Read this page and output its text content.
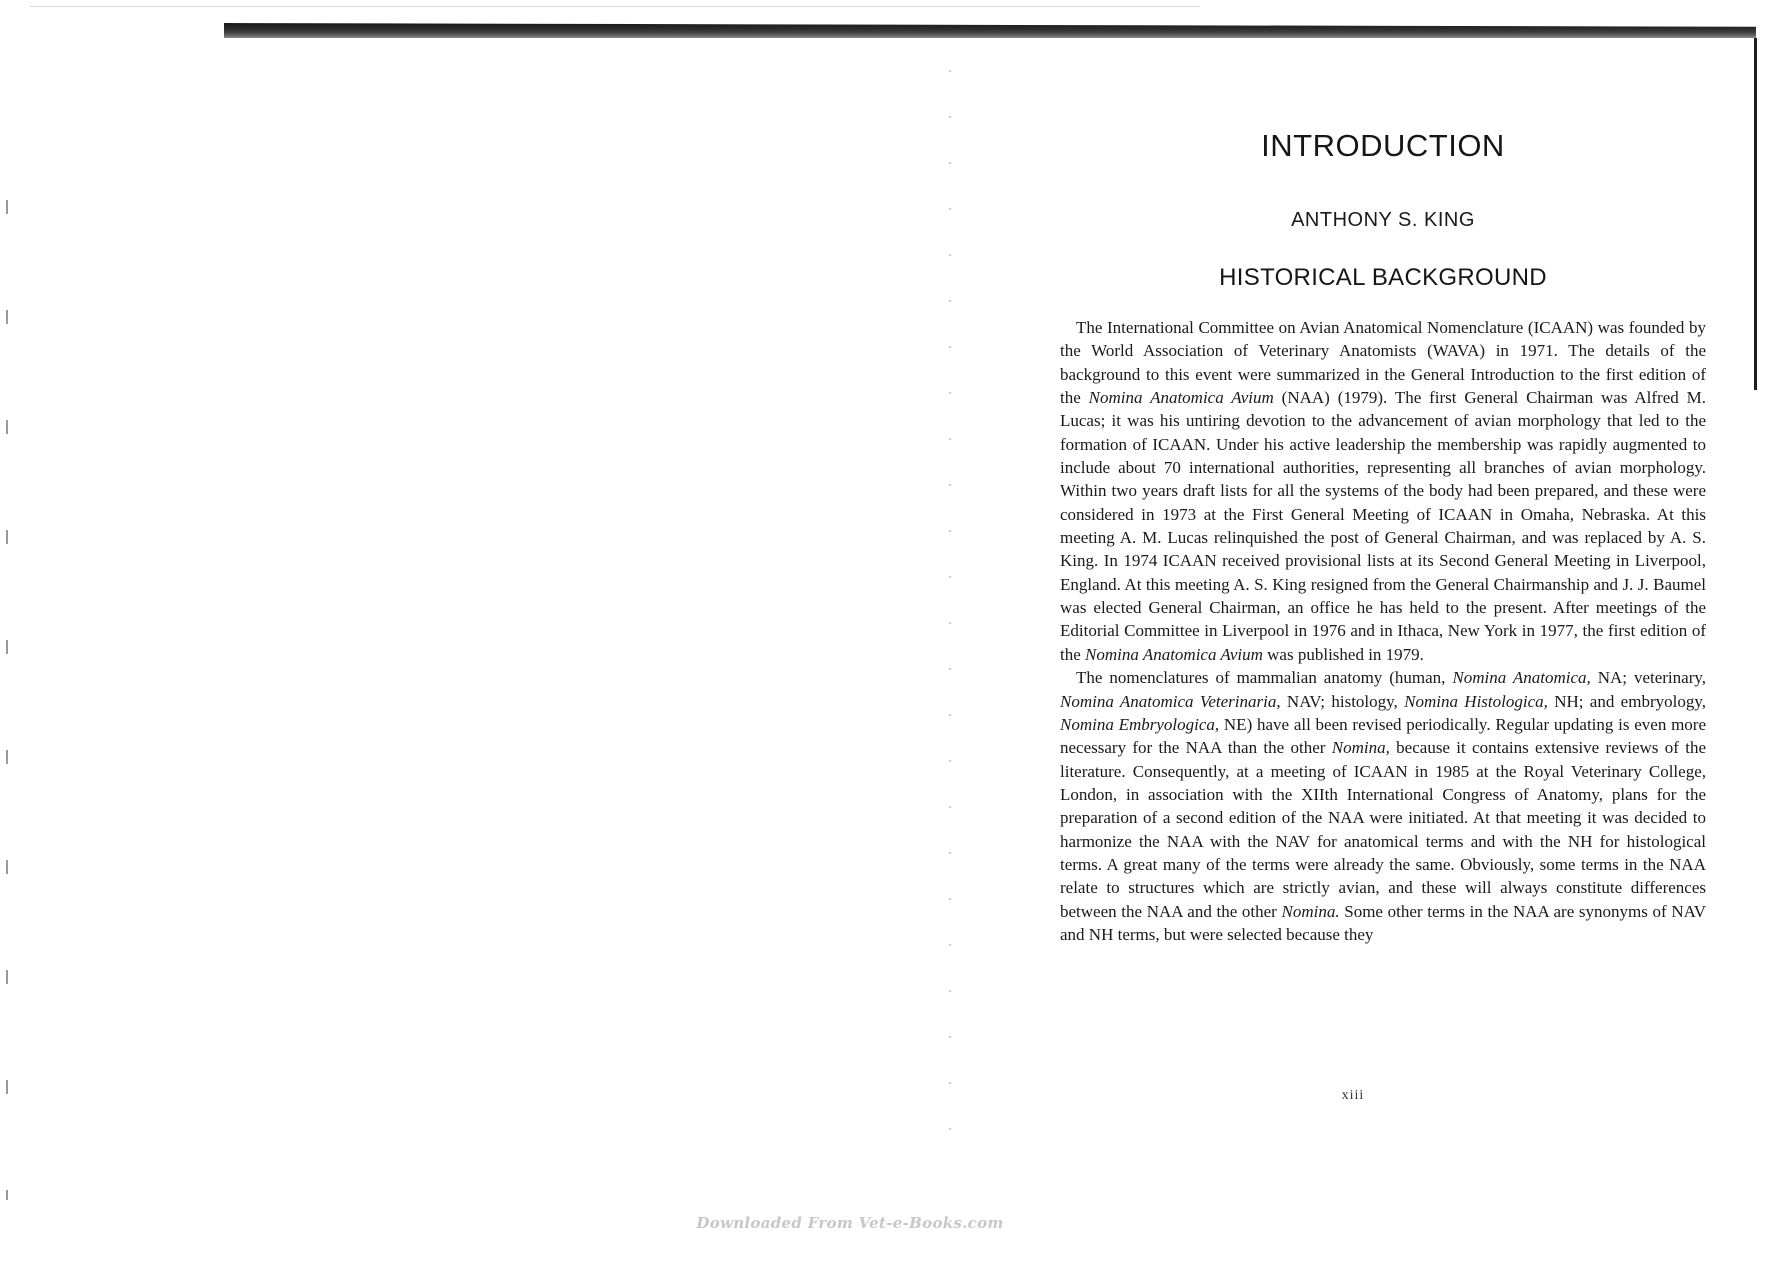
INTRODUCTION
ANTHONY S. KING
HISTORICAL BACKGROUND

The International Committee on Avian Anatomical Nomenclature (ICAAN) was founded by the World Association of Veterinary Anatomists (WAVA) in 1971. The details of the background to this event were summarized in the General Introduction to the first edition of the Nomina Anatomica Avium (NAA) (1979). The first General Chairman was Alfred M. Lucas; it was his untiring devotion to the advancement of avian morphology that led to the formation of ICAAN. Under his active leadership the membership was rapidly augmented to include about 70 international authorities, representing all branches of avian morphology. Within two years draft lists for all the systems of the body had been prepared, and these were considered in 1973 at the First General Meeting of ICAAN in Omaha, Nebraska. At this meeting A. M. Lucas relinquished the post of General Chairman, and was replaced by A. S. King. In 1974 ICAAN received provisional lists at its Second General Meeting in Liverpool, England. At this meeting A. S. King resigned from the General Chairmanship and J. J. Baumel was elected General Chairman, an office he has held to the present. After meetings of the Editorial Committee in Liverpool in 1976 and in Ithaca, New York in 1977, the first edition of the Nomina Anatomica Avium was published in 1979.

The nomenclatures of mammalian anatomy (human, Nomina Anatomica, NA; veterinary, Nomina Anatomica Veterinaria, NAV; histology, Nomina Histologica, NH; and embryology, Nomina Embryologica, NE) have all been revised periodically. Regular updating is even more necessary for the NAA than the other Nomina, because it contains extensive reviews of the literature. Consequently, at a meeting of ICAAN in 1985 at the Royal Veterinary College, London, in association with the XIIth International Congress of Anatomy, plans for the preparation of a second edition of the NAA were initiated. At that meeting it was decided to harmonize the NAA with the NAV for anatomical terms and with the NH for histological terms. A great many of the terms were already the same. Obviously, some terms in the NAA relate to structures which are strictly avian, and these will always constitute differences between the NAA and the other Nomina. Some other terms in the NAA are synonyms of NAV and NH terms, but were selected because they

xiii
Downloaded From Vet-e-Books.com
